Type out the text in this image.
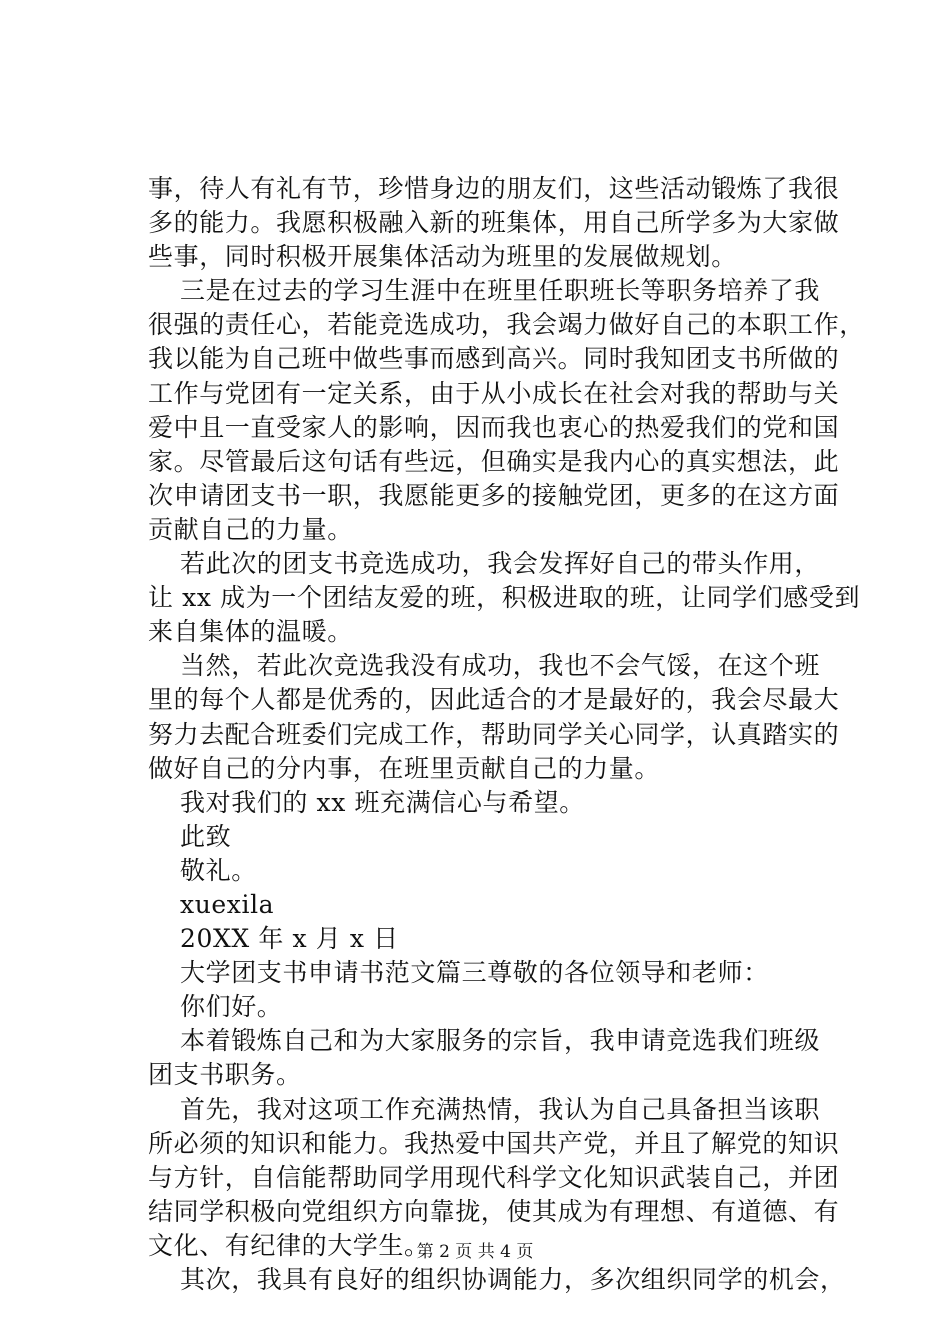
事，待人有礼有节，珍惜身边的朋友们，这些活动锻炼了我很
多的能力。我愿积极融入新的班集体，用自己所学多为大家做
些事，同时积极开展集体活动为班里的发展做规划。
三是在过去的学习生涯中在班里任职班长等职务培养了我
很强的责任心，若能竞选成功，我会竭力做好自己的本职工作，
我以能为自己班中做些事而感到高兴。同时我知团支书所做的
工作与党团有一定关系，由于从小成长在社会对我的帮助与关
爱中且一直受家人的影响，因而我也衷心的热爱我们的党和国
家。尽管最后这句话有些远，但确实是我内心的真实想法，此
次申请团支书一职，我愿能更多的接触党团，更多的在这方面
贡献自己的力量。
若此次的团支书竞选成功，我会发挥好自己的带头作用，
让 xx 成为一个团结友爱的班，积极进取的班，让同学们感受到
来自集体的温暖。
当然，若此次竞选我没有成功，我也不会气馁，在这个班
里的每个人都是优秀的，因此适合的才是最好的，我会尽最大
努力去配合班委们完成工作，帮助同学关心同学，认真踏实的
做好自己的分内事，在班里贡献自己的力量。
我对我们的 xx 班充满信心与希望。
此致
敬礼。
xuexila
20XX 年 x 月 x 日
大学团支书申请书范文篇三尊敬的各位领导和老师：
你们好。
本着锻炼自己和为大家服务的宗旨，我申请竞选我们班级
团支书职务。
首先，我对这项工作充满热情，我认为自己具备担当该职
所必须的知识和能力。我热爱中国共产党，并且了解党的知识
与方针，自信能帮助同学用现代科学文化知识武装自己，并团
结同学积极向党组织方向靠拢，使其成为有理想、有道德、有
文化、有纪律的大学生。
其次，我具有良好的组织协调能力，多次组织同学的机会，
第 2 页 共 4 页
